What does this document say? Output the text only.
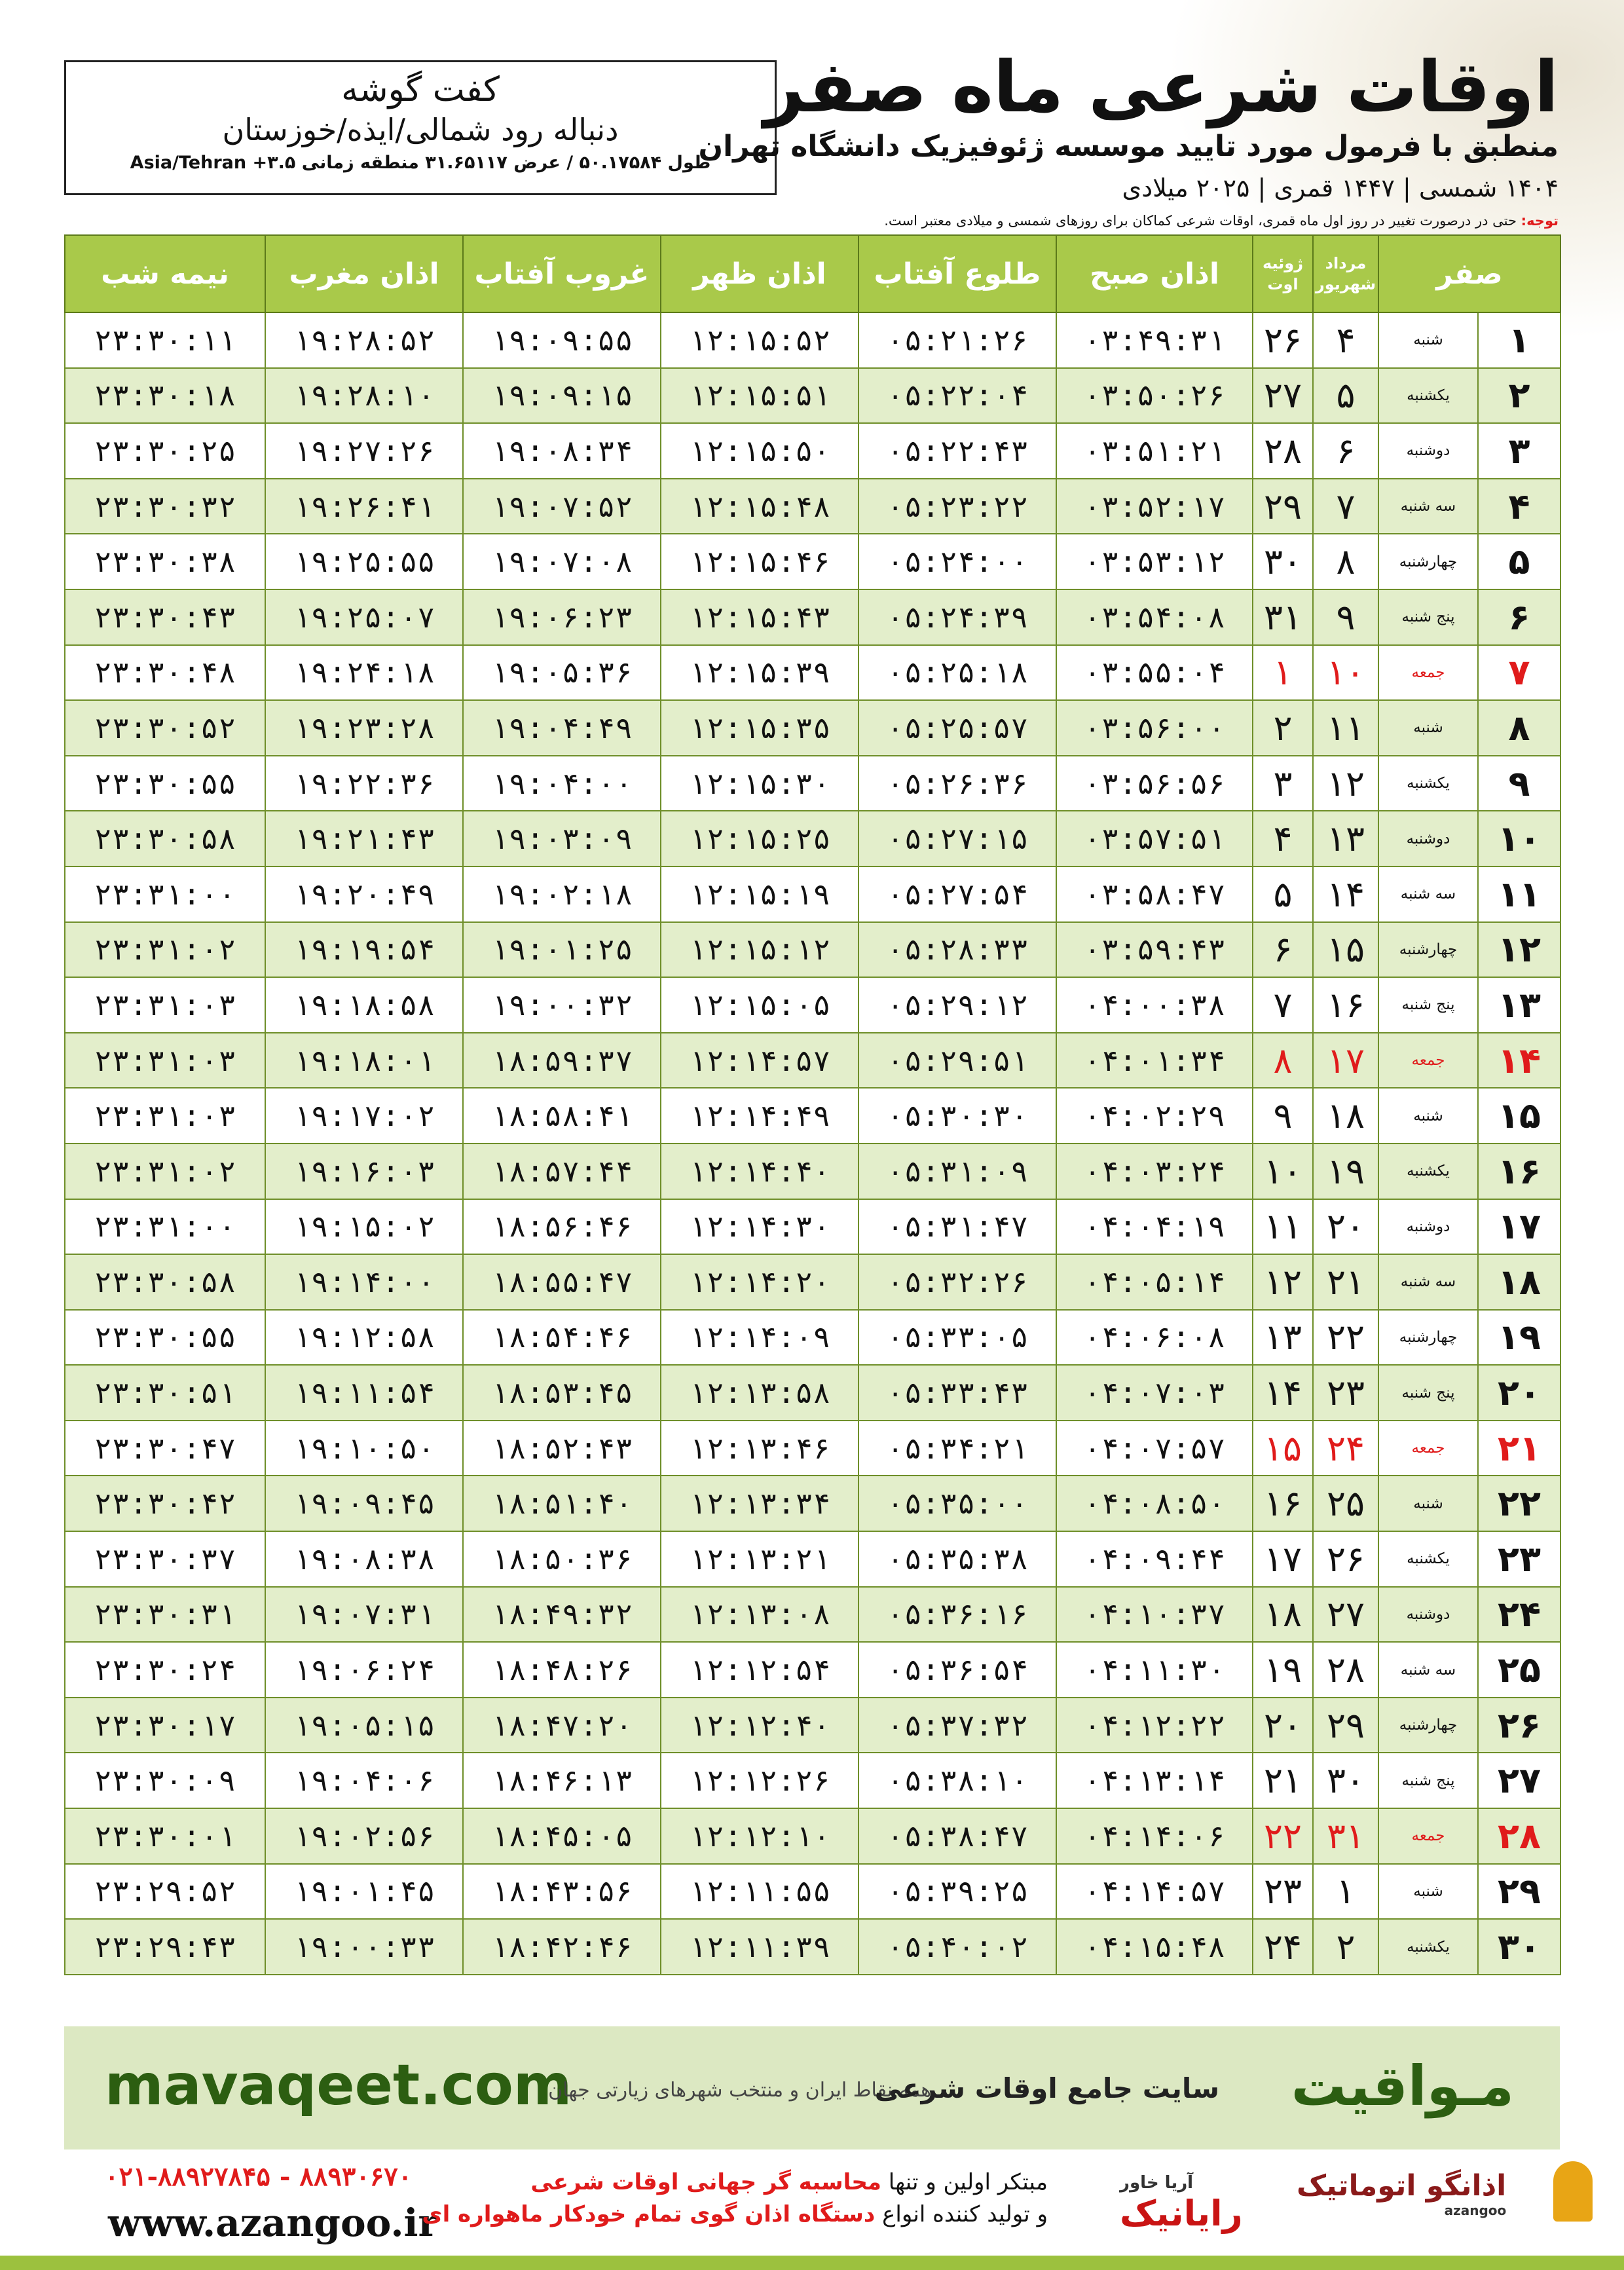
کفت گوشه
دنباله رود شمالی/ایذه/خوزستان
طول ۵۰.۱۷۵۸۴ / عرض ۳۱.۶۵۱۱۷ منطقه زمانی ۳.۵+ Asia/Tehran
اوقات شرعی ماه صفر
منطبق با فرمول مورد تایید موسسه ژئوفیزیک دانشگاه تهران
۱۴۰۴ شمسی | ۱۴۴۷ قمری | ۲۰۲۵ میلادی
توجه: حتی در درصورت تغییر در روز اول ماه قمری، اوقات شرعی کماکان برای روزهای شمسی و میلادی معتبر است.
صفر		مرداد شهریور	ژوئیه اوت	اذان صبح	طلوع آفتاب	اذان ظهر	غروب آفتاب	اذان مغرب	نیمه شب
۱	شنبه	۴	۲۶	۰۳:۴۹:۳۱	۰۵:۲۱:۲۶	۱۲:۱۵:۵۲	۱۹:۰۹:۵۵	۱۹:۲۸:۵۲	۲۳:۳۰:۱۱
۲	یکشنبه	۵	۲۷	۰۳:۵۰:۲۶	۰۵:۲۲:۰۴	۱۲:۱۵:۵۱	۱۹:۰۹:۱۵	۱۹:۲۸:۱۰	۲۳:۳۰:۱۸
۳	دوشنبه	۶	۲۸	۰۳:۵۱:۲۱	۰۵:۲۲:۴۳	۱۲:۱۵:۵۰	۱۹:۰۸:۳۴	۱۹:۲۷:۲۶	۲۳:۳۰:۲۵
۴	سه شنبه	۷	۲۹	۰۳:۵۲:۱۷	۰۵:۲۳:۲۲	۱۲:۱۵:۴۸	۱۹:۰۷:۵۲	۱۹:۲۶:۴۱	۲۳:۳۰:۳۲
۵	چهارشنبه	۸	۳۰	۰۳:۵۳:۱۲	۰۵:۲۴:۰۰	۱۲:۱۵:۴۶	۱۹:۰۷:۰۸	۱۹:۲۵:۵۵	۲۳:۳۰:۳۸
۶	پنج شنبه	۹	۳۱	۰۳:۵۴:۰۸	۰۵:۲۴:۳۹	۱۲:۱۵:۴۳	۱۹:۰۶:۲۳	۱۹:۲۵:۰۷	۲۳:۳۰:۴۳
۷	جمعه	۱۰	۱	۰۳:۵۵:۰۴	۰۵:۲۵:۱۸	۱۲:۱۵:۳۹	۱۹:۰۵:۳۶	۱۹:۲۴:۱۸	۲۳:۳۰:۴۸
۸	شنبه	۱۱	۲	۰۳:۵۶:۰۰	۰۵:۲۵:۵۷	۱۲:۱۵:۳۵	۱۹:۰۴:۴۹	۱۹:۲۳:۲۸	۲۳:۳۰:۵۲
۹	یکشنبه	۱۲	۳	۰۳:۵۶:۵۶	۰۵:۲۶:۳۶	۱۲:۱۵:۳۰	۱۹:۰۴:۰۰	۱۹:۲۲:۳۶	۲۳:۳۰:۵۵
۱۰	دوشنبه	۱۳	۴	۰۳:۵۷:۵۱	۰۵:۲۷:۱۵	۱۲:۱۵:۲۵	۱۹:۰۳:۰۹	۱۹:۲۱:۴۳	۲۳:۳۰:۵۸
۱۱	سه شنبه	۱۴	۵	۰۳:۵۸:۴۷	۰۵:۲۷:۵۴	۱۲:۱۵:۱۹	۱۹:۰۲:۱۸	۱۹:۲۰:۴۹	۲۳:۳۱:۰۰
۱۲	چهارشنبه	۱۵	۶	۰۳:۵۹:۴۳	۰۵:۲۸:۳۳	۱۲:۱۵:۱۲	۱۹:۰۱:۲۵	۱۹:۱۹:۵۴	۲۳:۳۱:۰۲
۱۳	پنج شنبه	۱۶	۷	۰۴:۰۰:۳۸	۰۵:۲۹:۱۲	۱۲:۱۵:۰۵	۱۹:۰۰:۳۲	۱۹:۱۸:۵۸	۲۳:۳۱:۰۳
۱۴	جمعه	۱۷	۸	۰۴:۰۱:۳۴	۰۵:۲۹:۵۱	۱۲:۱۴:۵۷	۱۸:۵۹:۳۷	۱۹:۱۸:۰۱	۲۳:۳۱:۰۳
۱۵	شنبه	۱۸	۹	۰۴:۰۲:۲۹	۰۵:۳۰:۳۰	۱۲:۱۴:۴۹	۱۸:۵۸:۴۱	۱۹:۱۷:۰۲	۲۳:۳۱:۰۳
۱۶	یکشنبه	۱۹	۱۰	۰۴:۰۳:۲۴	۰۵:۳۱:۰۹	۱۲:۱۴:۴۰	۱۸:۵۷:۴۴	۱۹:۱۶:۰۳	۲۳:۳۱:۰۲
۱۷	دوشنبه	۲۰	۱۱	۰۴:۰۴:۱۹	۰۵:۳۱:۴۷	۱۲:۱۴:۳۰	۱۸:۵۶:۴۶	۱۹:۱۵:۰۲	۲۳:۳۱:۰۰
۱۸	سه شنبه	۲۱	۱۲	۰۴:۰۵:۱۴	۰۵:۳۲:۲۶	۱۲:۱۴:۲۰	۱۸:۵۵:۴۷	۱۹:۱۴:۰۰	۲۳:۳۰:۵۸
۱۹	چهارشنبه	۲۲	۱۳	۰۴:۰۶:۰۸	۰۵:۳۳:۰۵	۱۲:۱۴:۰۹	۱۸:۵۴:۴۶	۱۹:۱۲:۵۸	۲۳:۳۰:۵۵
۲۰	پنج شنبه	۲۳	۱۴	۰۴:۰۷:۰۳	۰۵:۳۳:۴۳	۱۲:۱۳:۵۸	۱۸:۵۳:۴۵	۱۹:۱۱:۵۴	۲۳:۳۰:۵۱
۲۱	جمعه	۲۴	۱۵	۰۴:۰۷:۵۷	۰۵:۳۴:۲۱	۱۲:۱۳:۴۶	۱۸:۵۲:۴۳	۱۹:۱۰:۵۰	۲۳:۳۰:۴۷
۲۲	شنبه	۲۵	۱۶	۰۴:۰۸:۵۰	۰۵:۳۵:۰۰	۱۲:۱۳:۳۴	۱۸:۵۱:۴۰	۱۹:۰۹:۴۵	۲۳:۳۰:۴۲
۲۳	یکشنبه	۲۶	۱۷	۰۴:۰۹:۴۴	۰۵:۳۵:۳۸	۱۲:۱۳:۲۱	۱۸:۵۰:۳۶	۱۹:۰۸:۳۸	۲۳:۳۰:۳۷
۲۴	دوشنبه	۲۷	۱۸	۰۴:۱۰:۳۷	۰۵:۳۶:۱۶	۱۲:۱۳:۰۸	۱۸:۴۹:۳۲	۱۹:۰۷:۳۱	۲۳:۳۰:۳۱
۲۵	سه شنبه	۲۸	۱۹	۰۴:۱۱:۳۰	۰۵:۳۶:۵۴	۱۲:۱۲:۵۴	۱۸:۴۸:۲۶	۱۹:۰۶:۲۴	۲۳:۳۰:۲۴
۲۶	چهارشنبه	۲۹	۲۰	۰۴:۱۲:۲۲	۰۵:۳۷:۳۲	۱۲:۱۲:۴۰	۱۸:۴۷:۲۰	۱۹:۰۵:۱۵	۲۳:۳۰:۱۷
۲۷	پنج شنبه	۳۰	۲۱	۰۴:۱۳:۱۴	۰۵:۳۸:۱۰	۱۲:۱۲:۲۶	۱۸:۴۶:۱۳	۱۹:۰۴:۰۶	۲۳:۳۰:۰۹
۲۸	جمعه	۳۱	۲۲	۰۴:۱۴:۰۶	۰۵:۳۸:۴۷	۱۲:۱۲:۱۰	۱۸:۴۵:۰۵	۱۹:۰۲:۵۶	۲۳:۳۰:۰۱
۲۹	شنبه	۱	۲۳	۰۴:۱۴:۵۷	۰۵:۳۹:۲۵	۱۲:۱۱:۵۵	۱۸:۴۳:۵۶	۱۹:۰۱:۴۵	۲۳:۲۹:۵۲
۳۰	یکشنبه	۲	۲۴	۰۴:۱۵:۴۸	۰۵:۴۰:۰۲	۱۲:۱۱:۳۹	۱۸:۴۲:۴۶	۱۹:۰۰:۳۳	۲۳:۲۹:۴۳
mavaqeet.com
همه نقاط ایران و منتخب شهرهای زیارتی جهان
سایت جامع اوقات شرعی مـواقیت
۰۲۱-۸۸۹۲۷۸۴۵ - ۸۸۹۳۰۶۷۰
www.azangoo.ir
مبتکر اولین و تنها محاسبه گر جهانی اوقات شرعی
و تولید کننده انواع دستگاه اذان گوی تمام خودکار ماهواره ای
آریا خاور
رایانیک
اذانگو اتوماتیک
azangoo
